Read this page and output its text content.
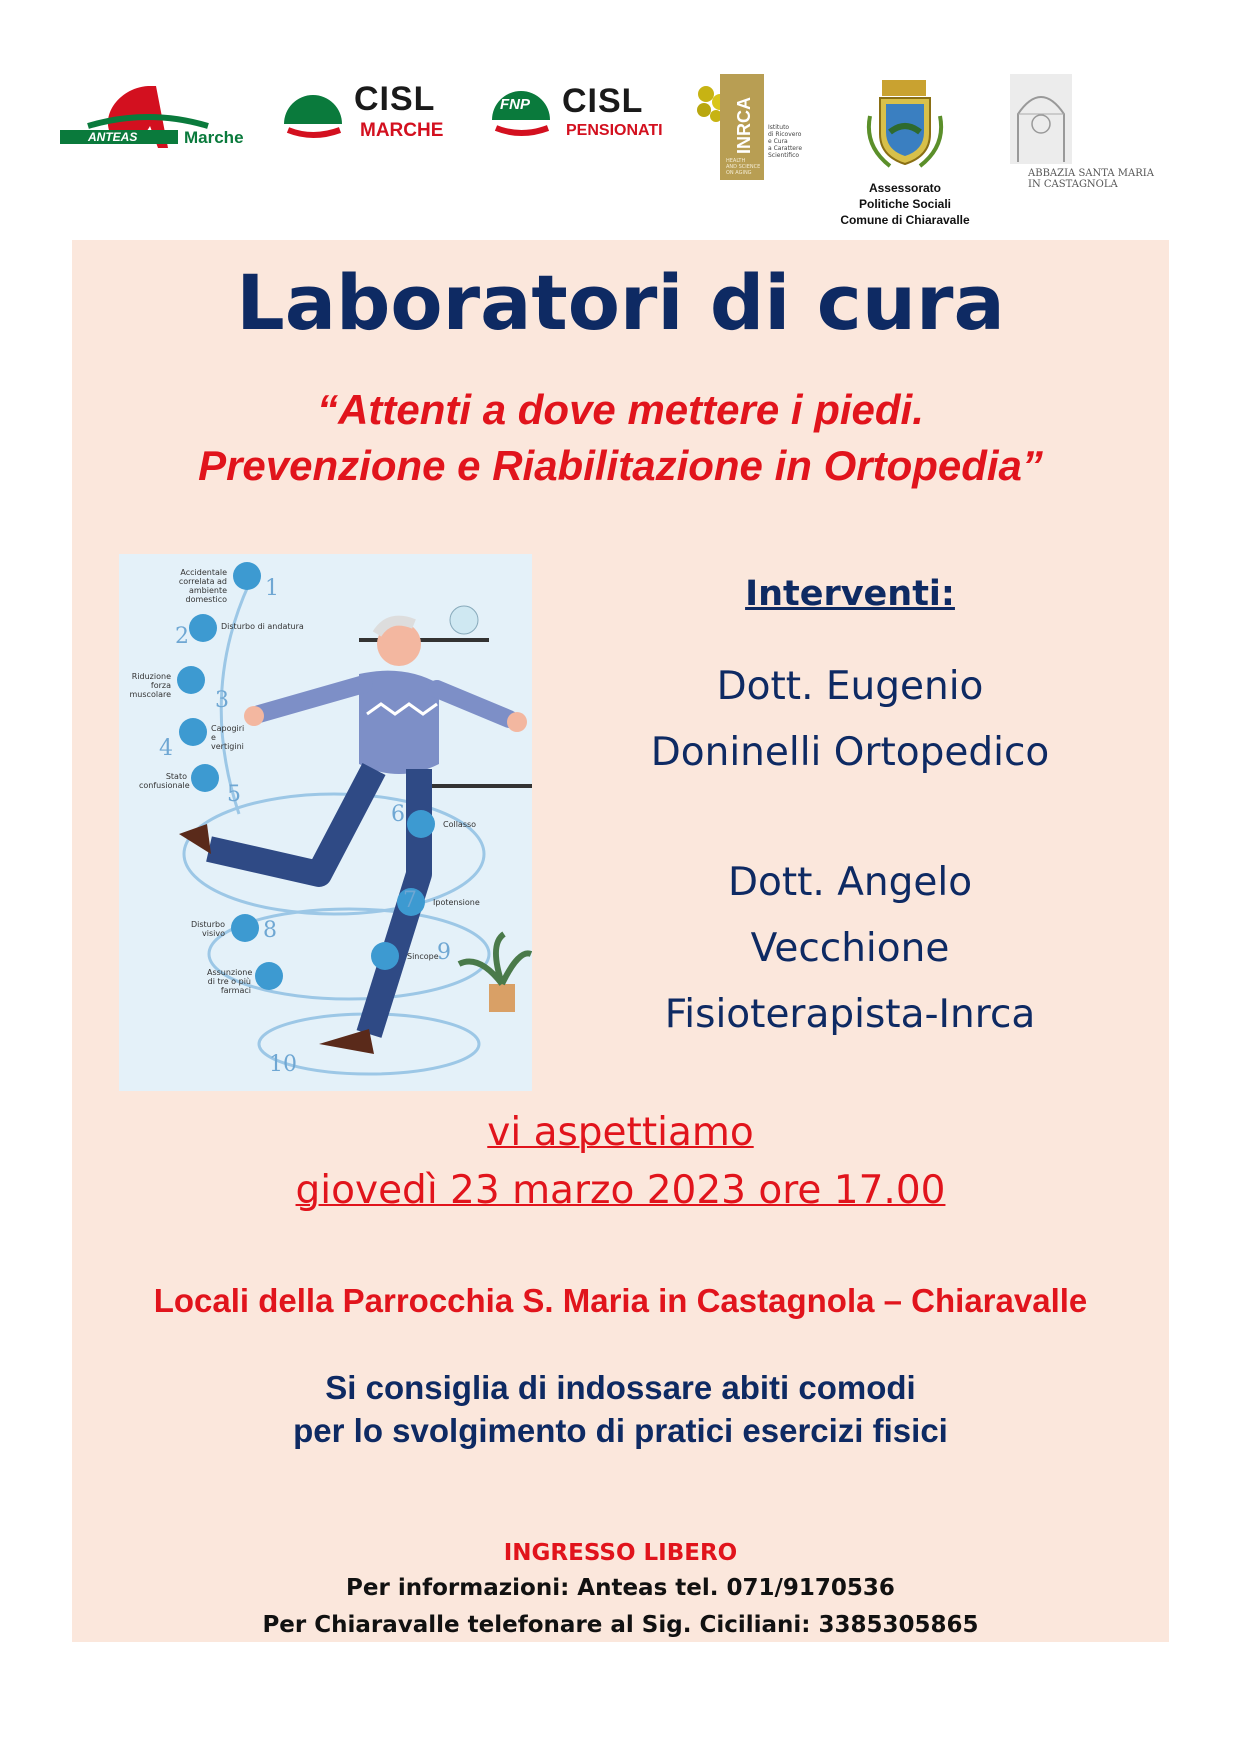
ANTEAS	Marche
CISL
MARCHE
FNP CISL
PENSIONATI	INRCA Istituto
di Ricovero
e Cura
a Carattere
Scientifico
HEALTH
AND SCIENCE
ON AGING
Assessorato
Politiche Sociali
Comune di Chiaravalle
ABBAZIA SANTA MARIA
IN CASTAGNOLA
Laboratori di cura
“Attenti a dove mettere i piedi.
Prevenzione e Riabilitazione in Ortopedia”
Accidentale correlata ad ambiente domestico
Disturbo di andatura
Riduzione forza muscolare
Capogiri e vertigini
Stato confusionale
Collasso
Ipotensione
Disturbo visivo
Sincope
Assunzione di tre o più farmaci
1
2
3
4
5
6
7
8
9
10
Interventi:
Dott. Eugenio
Doninelli Ortopedico
Dott. Angelo
Vecchione
Fisioterapista-Inrca
vi aspettiamo
giovedì 23 marzo 2023 ore 17.00
Locali della Parrocchia S. Maria in Castagnola – Chiaravalle
Si consiglia di indossare abiti comodi
per lo svolgimento di pratici esercizi fisici
INGRESSO LIBERO
Per informazioni: Anteas tel. 071/9170536
Per Chiaravalle telefonare al Sig. Ciciliani: 3385305865
